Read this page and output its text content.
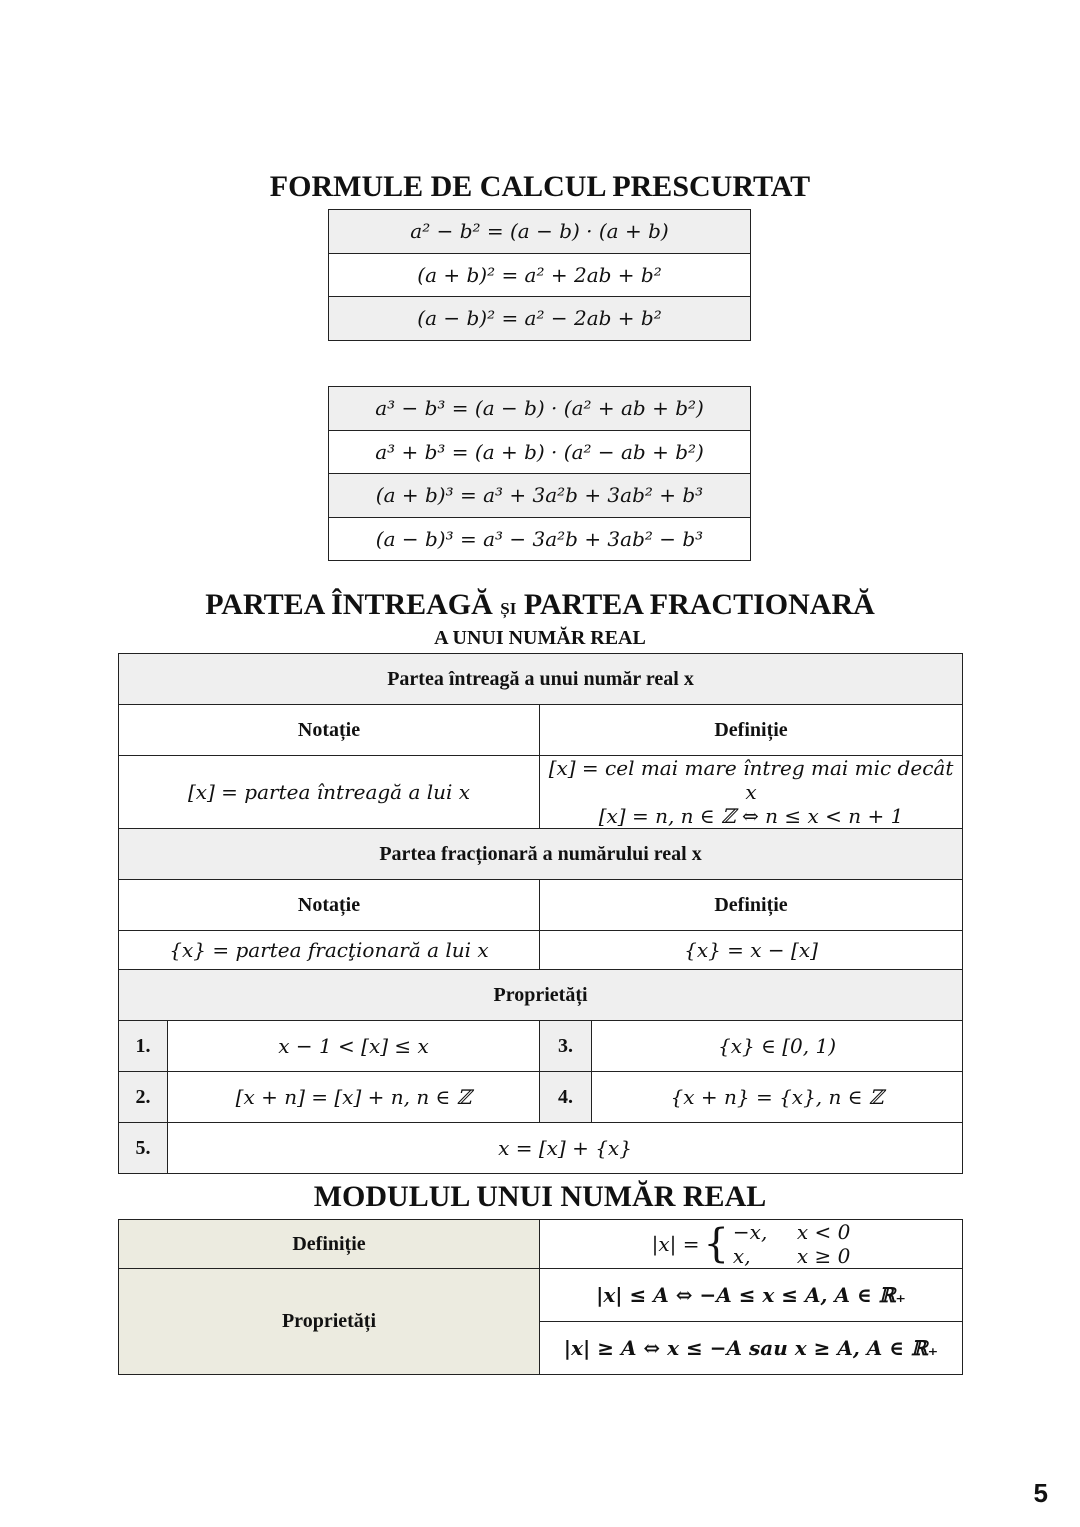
FORMULE DE CALCUL PRESCURTAT
a² − b² = (a − b) · (a + b)
(a + b)² = a² + 2ab + b²
(a − b)² = a² − 2ab + b²
a³ − b³ = (a − b) · (a² + ab + b²)
a³ + b³ = (a + b) · (a² − ab + b²)
(a + b)³ = a³ + 3a²b + 3ab² + b³
(a − b)³ = a³ − 3a²b + 3ab² − b³
PARTEA ÎNTREAGĂ ȘI PARTEA FRACTIONARĂ
A UNUI NUMĂR REAL
Partea întreagă a unui număr real x			
Notație		Definiție	
[x] = partea întreagă a lui x		[x] = cel mai mare întreg mai mic decât x
[x] = n, n ∈ ℤ ⇔ n ≤ x < n + 1	

Partea fracționară a numărului real x			
Notație		Definiție	
{x} = partea fracţionară a lui x		{x} = x − [x]	
Proprietăți			
1.	x − 1 < [x] ≤ x	3.	{x} ∈ [0, 1)
2.	[x + n] = [x] + n, n ∈ ℤ	4.	{x + n} = {x}, n ∈ ℤ
5.	x = [x] + {x}		
MODULUL UNUI NUMĂR REAL
Definiție	|x| = { −x, x < 0
x, x ≥ 0

Proprietăți	|x| ≤ A ⇔ −A ≤ x ≤ A, A ∈ ℝ₊
	|x| ≥ A ⇔ x ≤ −A sau x ≥ A, A ∈ ℝ₊
5
